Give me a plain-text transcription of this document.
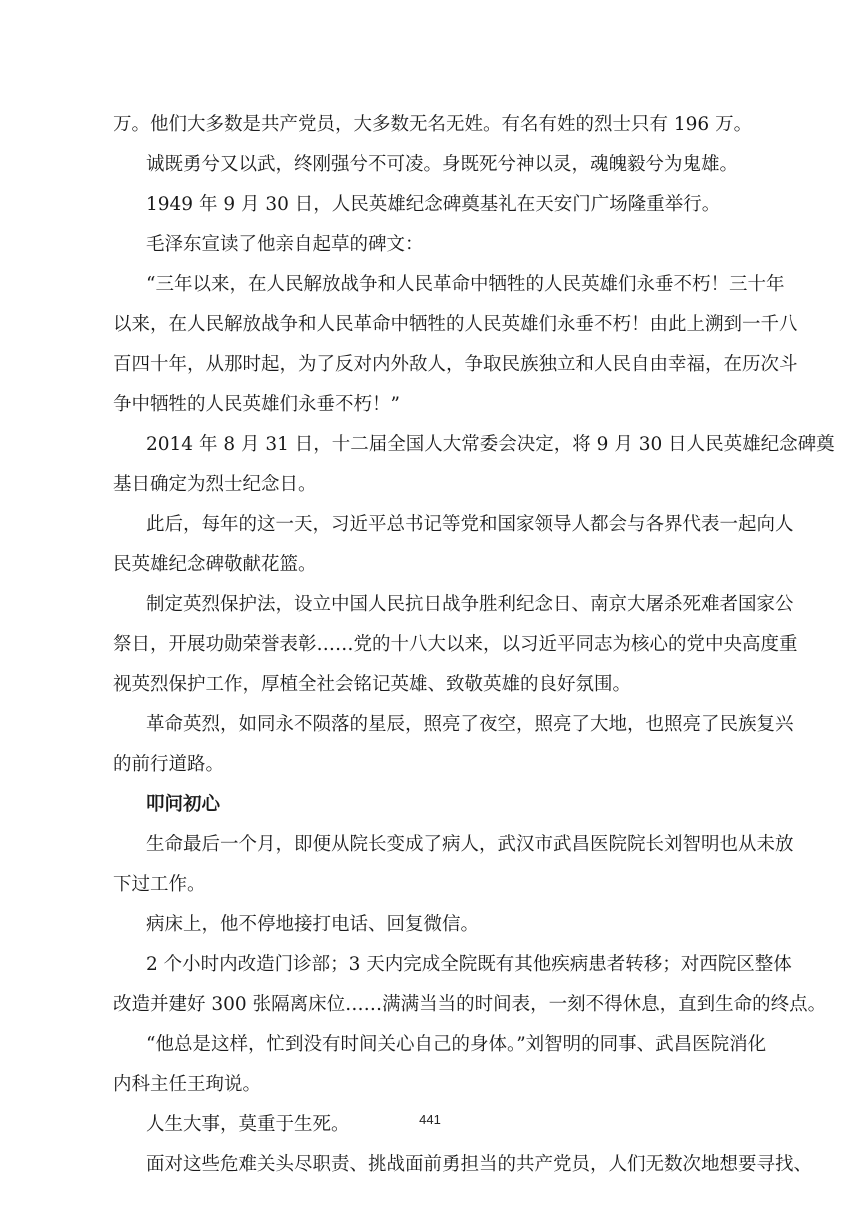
万。他们大多数是共产党员，大多数无名无姓。有名有姓的烈士只有 196 万。
诚既勇兮又以武，终刚强兮不可凌。身既死兮神以灵，魂魄毅兮为鬼雄。
1949 年 9 月 30 日，人民英雄纪念碑奠基礼在天安门广场隆重举行。
毛泽东宣读了他亲自起草的碑文：
“三年以来，在人民解放战争和人民革命中牺牲的人民英雄们永垂不朽！三十年
以来，在人民解放战争和人民革命中牺牲的人民英雄们永垂不朽！由此上溯到一千八
百四十年，从那时起，为了反对内外敌人，争取民族独立和人民自由幸福，在历次斗
争中牺牲的人民英雄们永垂不朽！”
2014 年 8 月 31 日，十二届全国人大常委会决定，将 9 月 30 日人民英雄纪念碑奠
基日确定为烈士纪念日。
此后，每年的这一天，习近平总书记等党和国家领导人都会与各界代表一起向人
民英雄纪念碑敬献花篮。
制定英烈保护法，设立中国人民抗日战争胜利纪念日、南京大屠杀死难者国家公
祭日，开展功勋荣誉表彰……党的十八大以来，以习近平同志为核心的党中央高度重
视英烈保护工作，厚植全社会铭记英雄、致敬英雄的良好氛围。
革命英烈，如同永不陨落的星辰，照亮了夜空，照亮了大地，也照亮了民族复兴
的前行道路。
叩问初心
生命最后一个月，即便从院长变成了病人，武汉市武昌医院院长刘智明也从未放
下过工作。
病床上，他不停地接打电话、回复微信。
2 个小时内改造门诊部；3 天内完成全院既有其他疾病患者转移；对西院区整体
改造并建好 300 张隔离床位……满满当当的时间表，一刻不得休息，直到生命的终点。
“他总是这样，忙到没有时间关心自己的身体。”刘智明的同事、武昌医院消化
内科主任王珣说。
人生大事，莫重于生死。
面对这些危难关头尽职责、挑战面前勇担当的共产党员，人们无数次地想要寻找、
441
